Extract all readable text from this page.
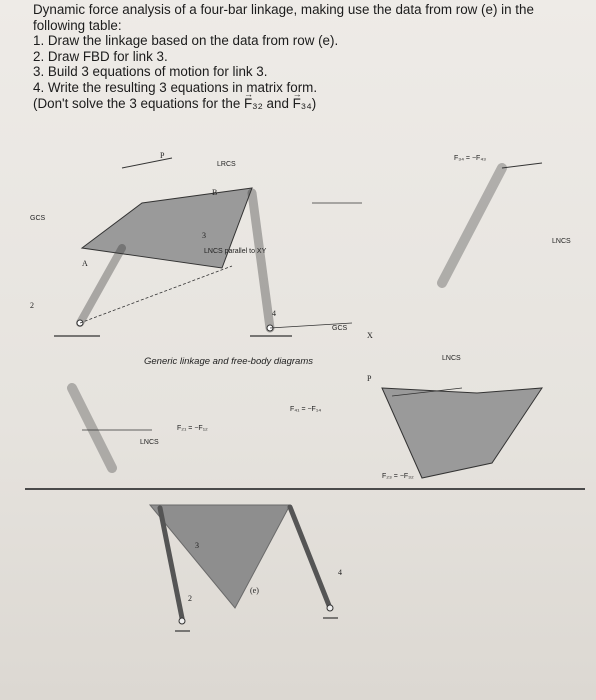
Dynamic force analysis of a four-bar linkage, making use the data from row (e) in the following table:

1. Draw the linkage based on the data from row (e).

2. Draw FBD for link 3.

3. Build 3 equations of motion for link 3.

4. Write the resulting 3 equations in matrix form.

(Don't solve the 3 equations for the → F₃₂ and → F₃₄)

P
LRCS
LNCS parallel to XY
GCS
A
B
2
4
3
GCS
X
F₃₄ = −F₄₃
LNCS
Generic linkage and free-body diagrams
LNCS
F₂₁ = −F₁₂
F₄₁ = −F₁₄
LNCS
F₂₃ = −F₃₂
P
3
2
4
(e)
